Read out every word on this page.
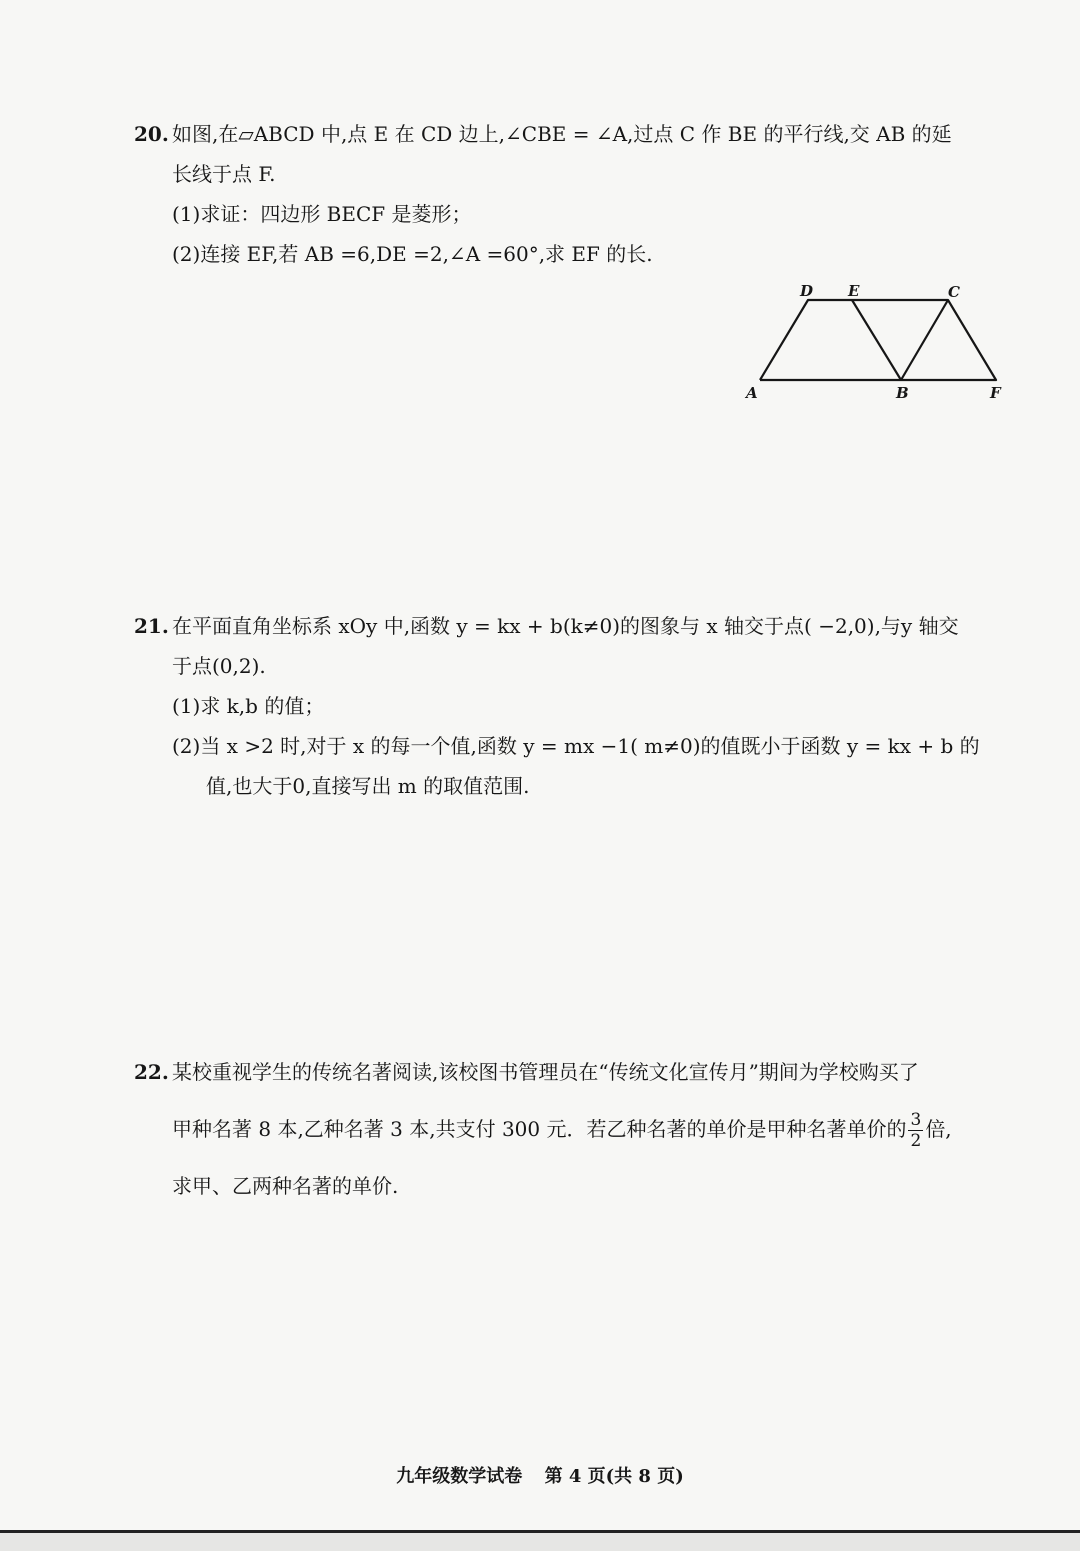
20. 如图,在▱ABCD 中,点 E 在 CD 边上,∠CBE = ∠A,过点 C 作 BE 的平行线,交 AB 的延
长线于点 F.
(1)求证：四边形 BECF 是菱形；
(2)连接 EF,若 AB =6,DE =2,∠A =60°,求 EF 的长.
D E	C
A	B	F
21. 在平面直角坐标系 xOy 中,函数 y = kx + b(k≠0)的图象与 x 轴交于点( −2,0),与y 轴交
于点(0,2).
(1)求 k,b 的值；
(2)当 x >2 时,对于 x 的每一个值,函数 y = mx −1( m≠0)的值既小于函数 y = kx + b 的
值,也大于0,直接写出 m 的取值范围.
22. 某校重视学生的传统名著阅读,该校图书管理员在“传统文化宣传月”期间为学校购买了
甲种名著 8 本,乙种名著 3 本,共支付 300 元．若乙种名著的单价是甲种名著单价的 $\frac{3}{2}$ 倍,
求甲、乙两种名著的单价.
九年级数学试卷 第 4 页(共 8 页)
